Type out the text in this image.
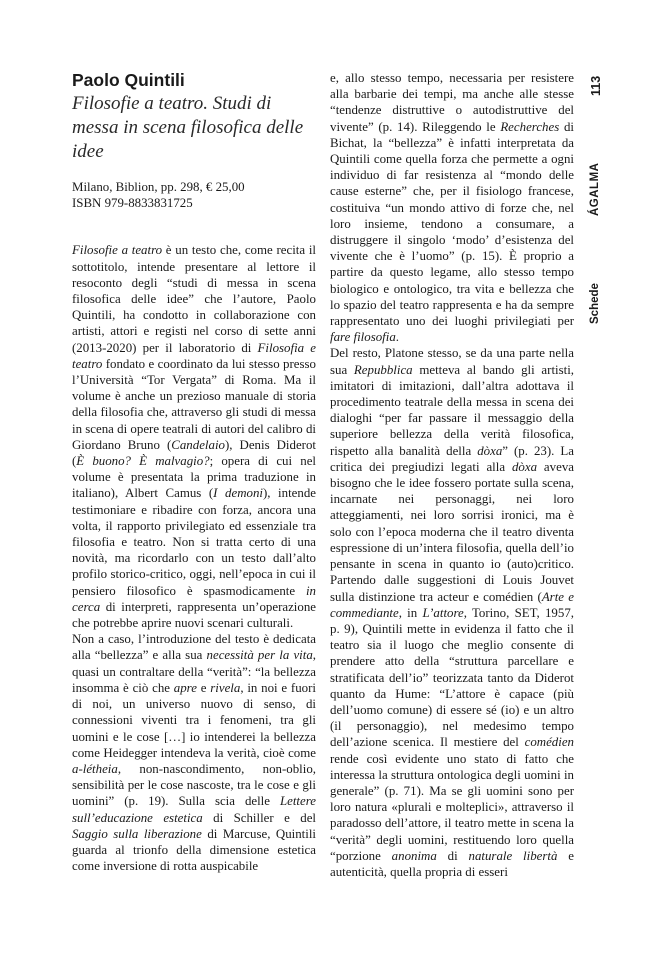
Paolo Quintili
Filosofie a teatro. Studi di messa in scena filosofica delle idee
Milano, Biblion, pp. 298, € 25,00
ISBN 979-8833831725

Filosofie a teatro è un testo che, come recita il sottotitolo, intende presentare al lettore il resoconto degli “studi di messa in scena filosofica delle idee” che l’autore, Paolo Quintili, ha condotto in collaborazione con artisti, attori e registi nel corso di sette anni (2013-2020) per il laboratorio di Filosofia e teatro fondato e coordinato da lui stesso presso l’Università “Tor Vergata” di Roma. Ma il volume è anche un prezioso manuale di storia della filosofia che, attraverso gli studi di messa in scena di opere teatrali di autori del calibro di Giordano Bruno (Candelaio), Denis Diderot (È buono? È malvagio?; opera di cui nel volume è presentata la prima traduzione in italiano), Albert Camus (I demoni), intende testimoniare e ribadire con forza, ancora una volta, il rapporto privilegiato ed essenziale tra filosofia e teatro. Non si tratta certo di una novità, ma ricordarlo con un testo dall’alto profilo storico-critico, oggi, nell’epoca in cui il pensiero filosofico è spasmodicamente in cerca di interpreti, rappresenta un’operazione che potrebbe aprire nuovi scenari culturali.

Non a caso, l’introduzione del testo è dedicata alla “bellezza” e alla sua necessità per la vita, quasi un contraltare della “verità”: “la bellezza insomma è ciò che apre e rivela, in noi e fuori di noi, un universo nuovo di senso, di connessioni viventi tra i fenomeni, tra gli uomini e le cose […] io intenderei la bellezza come Heidegger intendeva la verità, cioè come a-létheia, non-nascondimento, non-oblio, sensibilità per le cose nascoste, tra le cose e gli uomini” (p. 19). Sulla scia delle Lettere sull’educazione estetica di Schiller e del Saggio sulla liberazione di Marcuse, Quintili guarda al trionfo della dimensione estetica come inversione di rotta auspicabile

e, allo stesso tempo, necessaria per resistere alla barbarie dei tempi, ma anche alle stesse “tendenze distruttive o autodistruttive del vivente” (p. 14). Rileggendo le Recherches di Bichat, la “bellezza” è infatti interpretata da Quintili come quella forza che permette a ogni individuo di far resistenza al “mondo delle cause esterne” che, per il fisiologo francese, costituiva “un mondo attivo di forze che, nel loro insieme, tendono a consumare, a distruggere il singolo ‘modo’ d’esistenza del vivente che è l’uomo” (p. 15). È proprio a partire da questo legame, allo stesso tempo biologico e ontologico, tra vita e bellezza che lo spazio del teatro rappresenta e ha da sempre rappresentato uno dei luoghi privilegiati per fare filosofia.

Del resto, Platone stesso, se da una parte nella sua Repubblica metteva al bando gli artisti, imitatori di imitazioni, dall’altra adottava il procedimento teatrale della messa in scena dei dialoghi “per far passare il messaggio della superiore bellezza della verità filosofica, rispetto alla banalità della dòxa” (p. 23). La critica dei pregiudizi legati alla dòxa aveva bisogno che le idee fossero portate sulla scena, incarnate nei personaggi, nei loro atteggiamenti, nei loro sorrisi ironici, ma è solo con l’epoca moderna che il teatro diventa espressione di un’intera filosofia, quella dell’io pensante in scena in quanto io (auto)critico. Partendo dalle suggestioni di Louis Jouvet sulla distinzione tra acteur e comédien (Arte e commediante, in L’attore, Torino, SET, 1957, p. 9), Quintili mette in evidenza il fatto che il teatro sia il luogo che meglio consente di prendere atto della “struttura parcellare e stratificata dell’io” teorizzata tanto da Diderot quanto da Hume: “L’attore è capace (più dell’uomo comune) di essere sé (io) e un altro (il personaggio), nel medesimo tempo dell’azione scenica. Il mestiere del comédien rende così evidente uno stato di fatto che interessa la struttura ontologica degli uomini in generale” (p. 71). Ma se gli uomini sono per loro natura «plurali e molteplici», attraverso il paradosso dell’attore, il teatro mette in scena la “verità” degli uomini, restituendo loro quella “porzione anonima di naturale libertà e autenticità, quella propria di esseri

113
ÁGALMA
Schede
